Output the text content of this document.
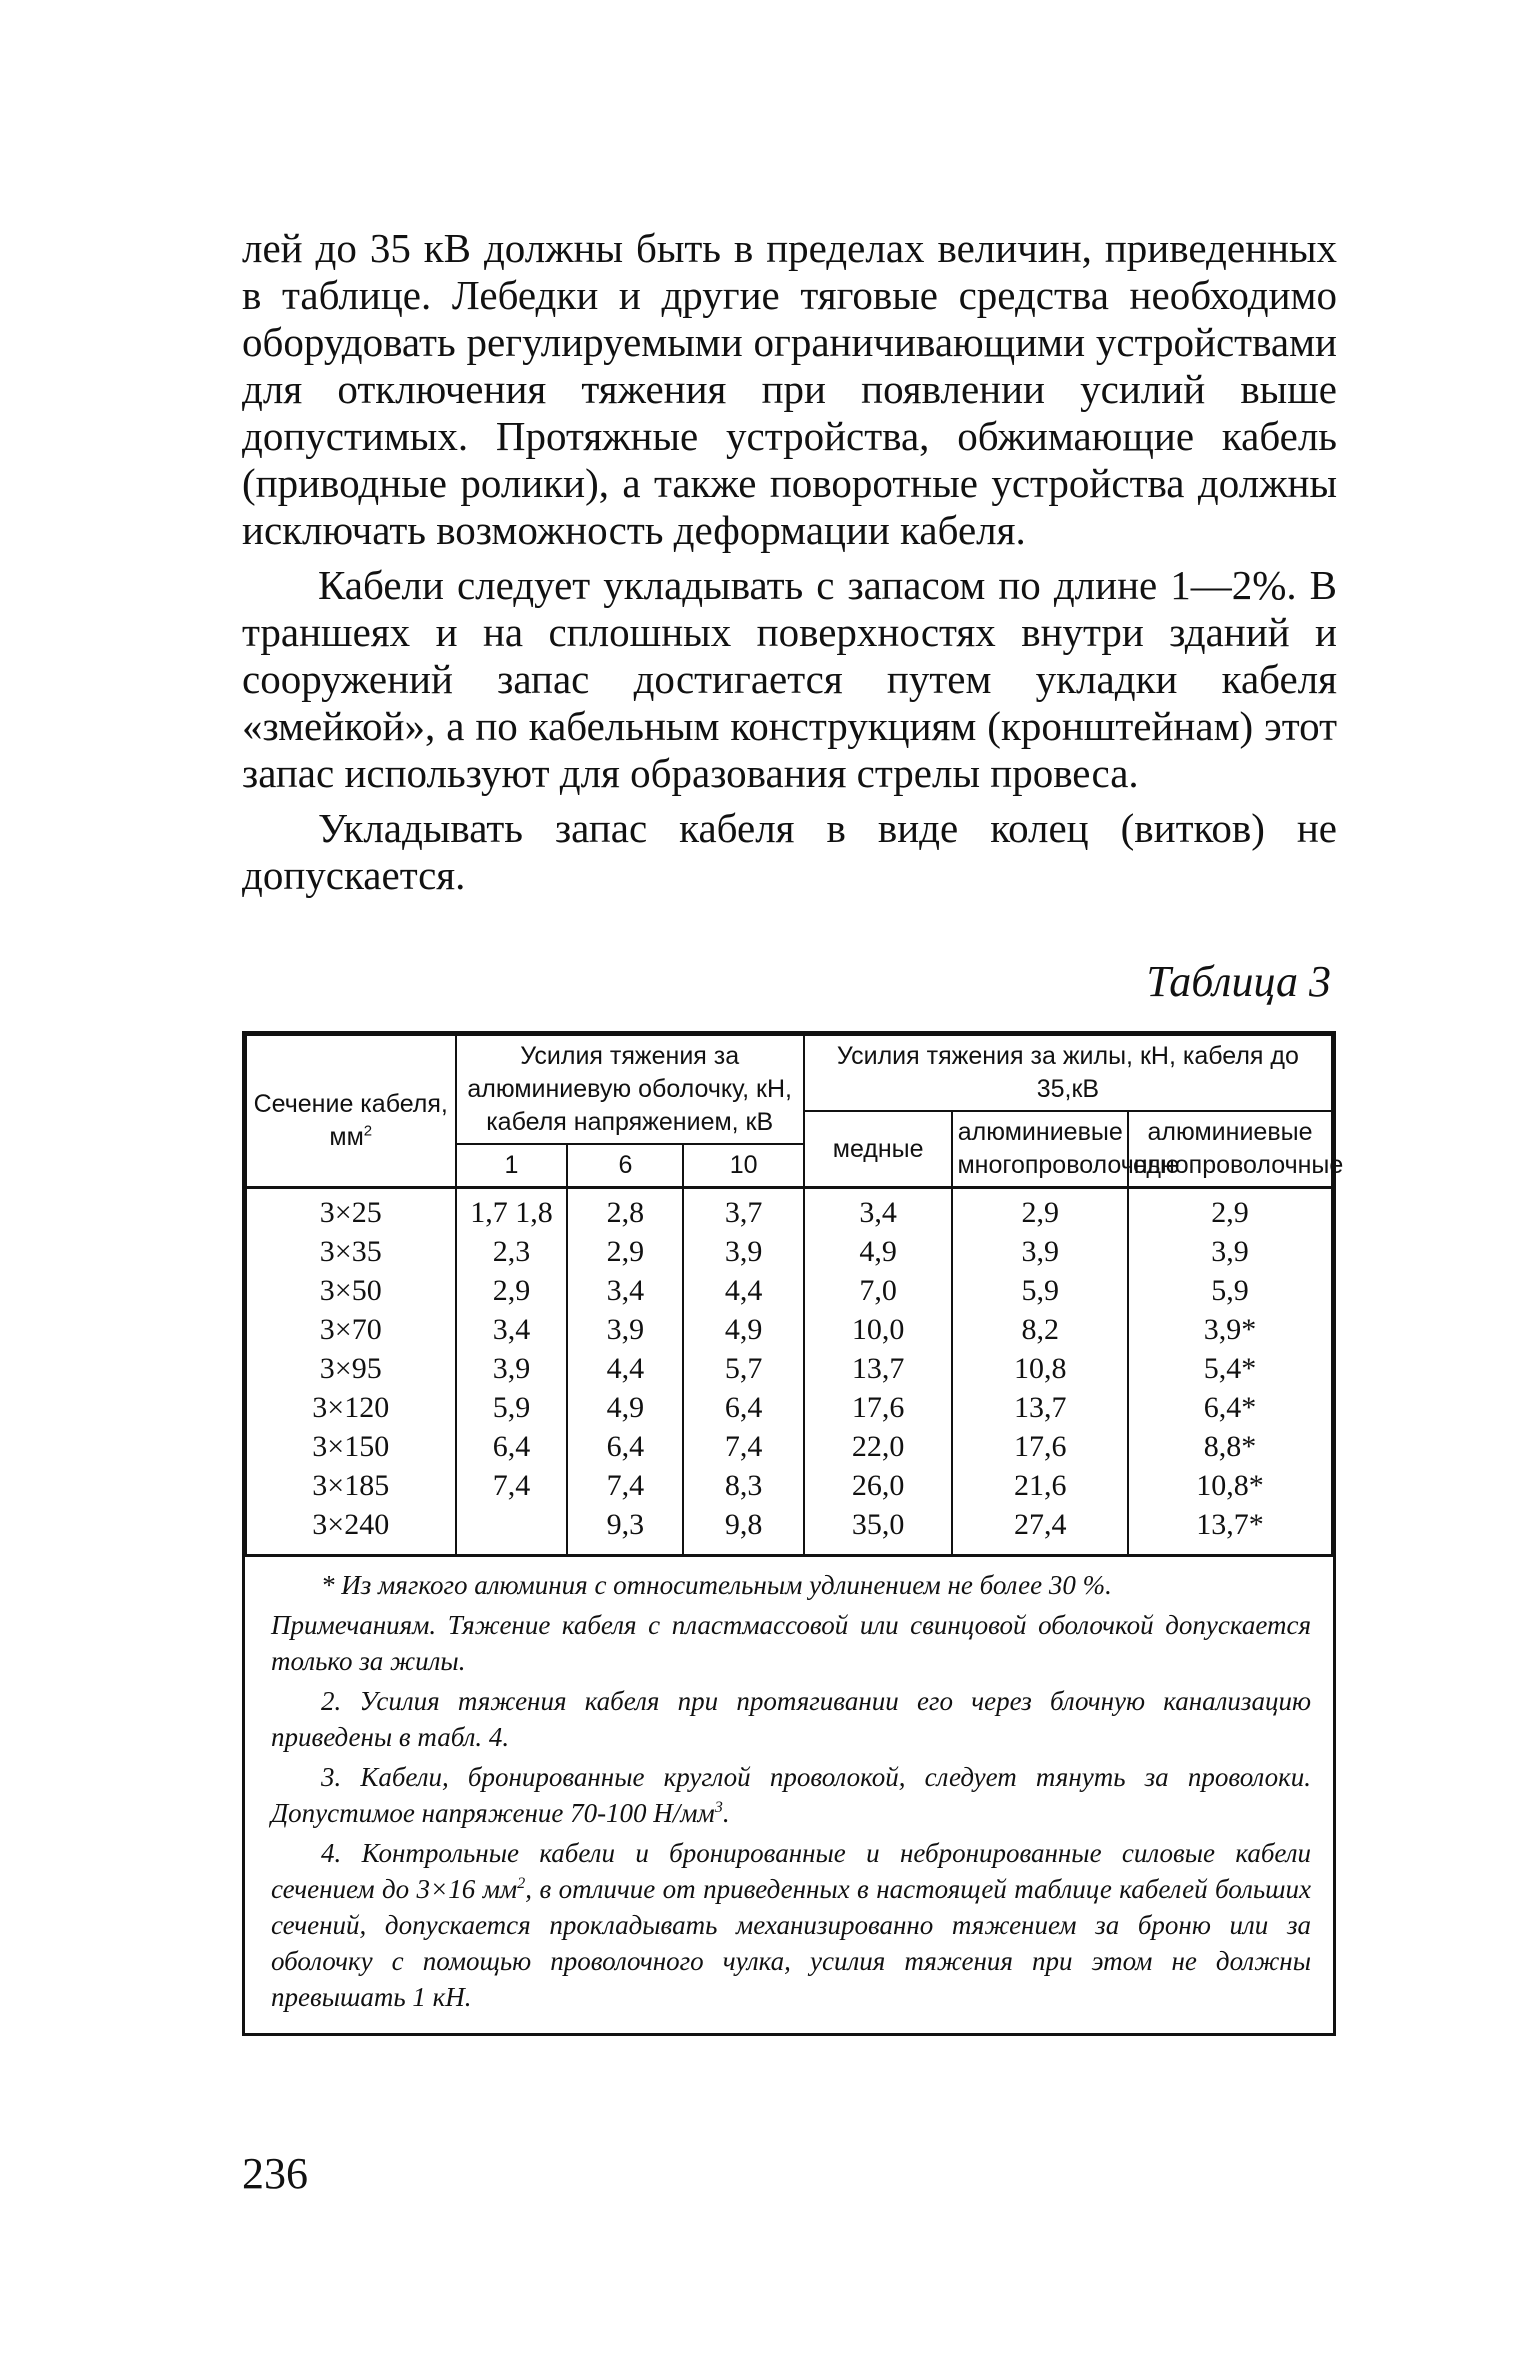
лей до 35 кВ должны быть в пределах величин, приведенных в таблице. Лебедки и другие тяговые средства необходимо оборудовать регулируемыми ограничивающими устройствами для отключения тяжения при появлении усилий выше допустимых. Протяжные устройства, обжимающие кабель (приводные ролики), а также поворотные устройства должны исключать возможность деформации кабеля.

Кабели следует укладывать с запасом по длине 1—2%. В траншеях и на сплошных поверхностях внутри зданий и сооружений запас достигается путем укладки кабеля «змейкой», а по кабельным конструкциям (кронштейнам) этот запас используют для образования стрелы провеса.

Укладывать запас кабеля в виде колец (витков) не допускается.

Таблица 3
Сечение кабеля, $мм^2$	Усилия тяжения за алюминиевую оболочку, кН, кабеля напряжением, кВ			Усилия тяжения за жилы, кН, кабеля до 35,кВ		
				медные	алюминиевые многопроволочные	алюминиевые однопроволочные
	1	6	10			
3×25	1,7 1,8	2,8	3,7	3,4	2,9	2,9
3×35	2,3	2,9	3,9	4,9	3,9	3,9
3×50	2,9	3,4	4,4	7,0	5,9	5,9
3×70	3,4	3,9	4,9	10,0	8,2	3,9*
3×95	3,9	4,4	5,7	13,7	10,8	5,4*
3×120	5,9	4,9	6,4	17,6	13,7	6,4*
3×150	6,4	6,4	7,4	22,0	17,6	8,8*
3×185	7,4	7,4	8,3	26,0	21,6	10,8*
3×240		9,3	9,8	35,0	27,4	13,7*

* Из мягкого алюминия с относительным удлинением не более 30 %.

Примечаниям. Тяжение кабеля с пластмассовой или свинцовой оболочкой допускается только за жилы.

2. Усилия тяжения кабеля при протягивании его через блочную канализацию приведены в табл. 4.

3. Кабели, бронированные круглой проволокой, следует тянуть за проволоки. Допустимое напряжение 70-100 $Н/мм^3$.

4. Контрольные кабели и бронированные и небронированные силовые кабели сечением до 3×16 $мм^2$, в отличие от приведенных в настоящей таблице кабелей больших сечений, допускается прокладывать механизированно тяжением за броню или за оболочку с помощью проволочного чулка, усилия тяжения при этом не должны превышать 1 кН.

236
